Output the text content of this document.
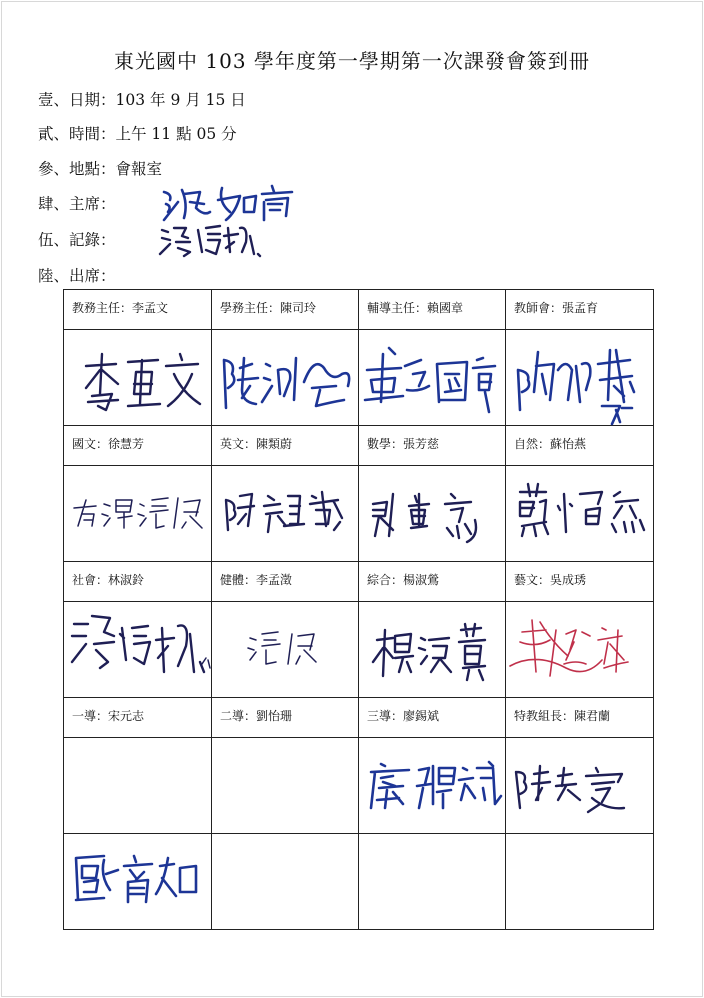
東光國中 103 學年度第一學期第一次課發會簽到冊
壹、日期：103 年 9 月 15 日
貳、時間：上午 11 點 05 分
參、地點：會報室
肆、主席：
伍、記錄：
陸、出席：
教務主任：李孟文	學務主任：陳司玲	輔導主任：賴國章	教師會：張孟育

國文：徐慧芳	英文：陳類蔚	數學：張芳慈	自然：蘇怡燕

社會：林淑鈴	健體：李孟澂	綜合：楊淑鶯	藝文：吳成琇

一導：宋元志	二導：劉怡珊	三導：廖錫斌	特教組長：陳君蘭
